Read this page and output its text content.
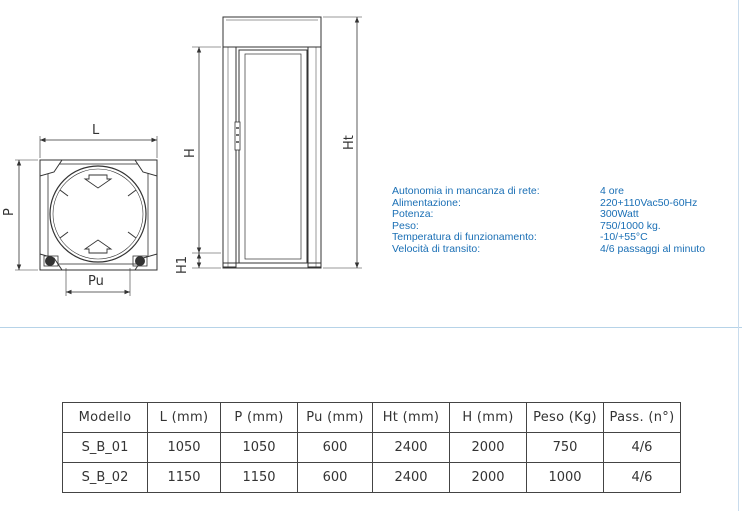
L
P
Pu
H
H1
Ht
Autonomia in mancanza di rete:	4 ore
Alimentazione:	220+110Vac50-60Hz
Potenza:	300Watt
Peso:	750/1000 kg.
Temperatura di funzionamento:	-10/+55°C
Velocità di transito:	4/6 passaggi al minuto
Modello	L (mm)	P (mm)	Pu (mm)	Ht (mm)	H (mm)	Peso (Kg)	Pass. (n°)
S_B_01	1050	1050	600	2400	2000	750	4/6
S_B_02	1150	1150	600	2400	2000	1000	4/6
